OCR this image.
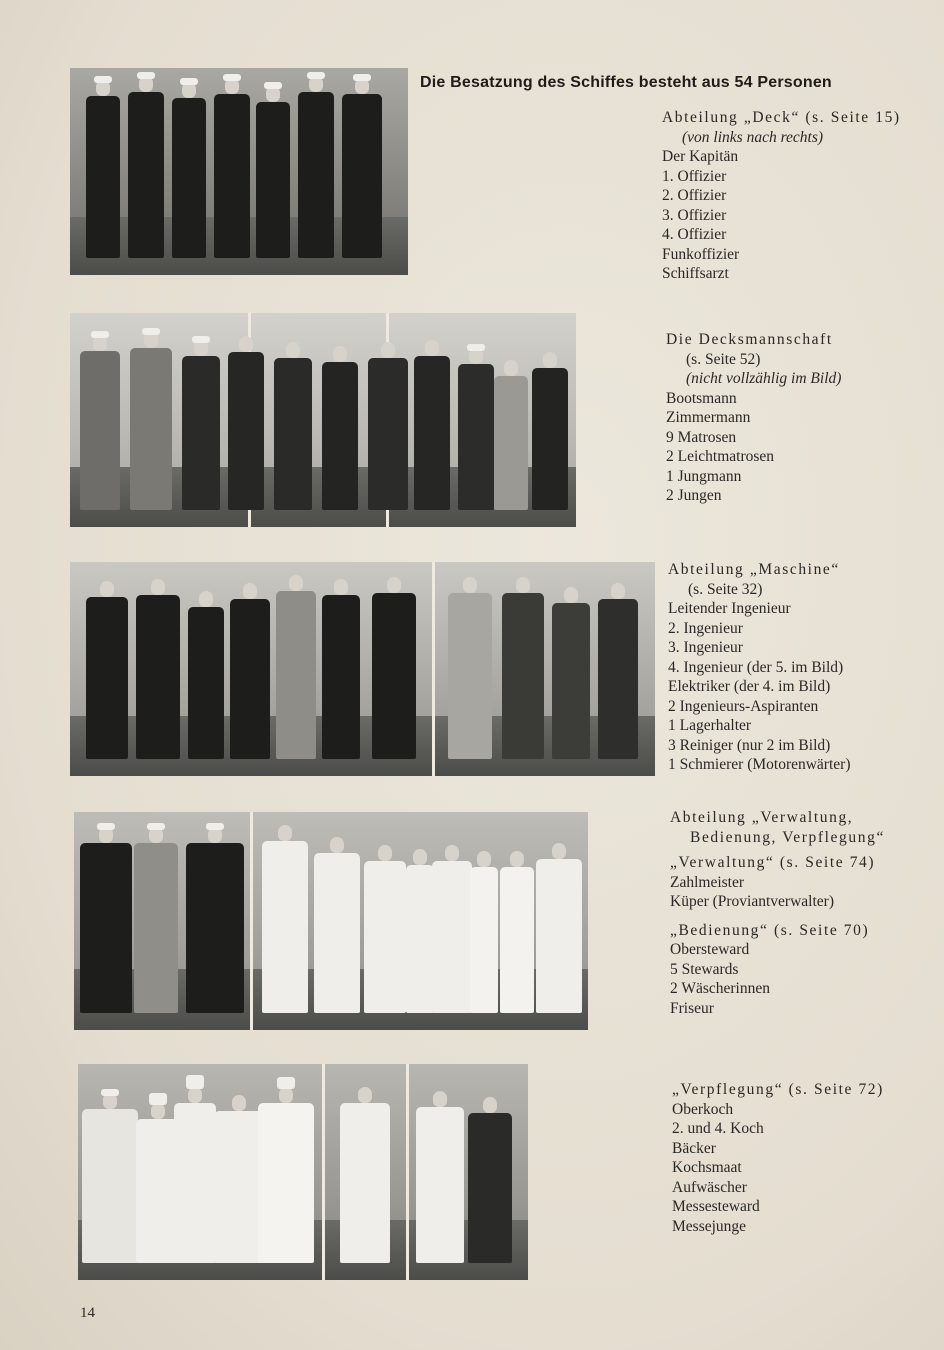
Die Besatzung des Schiffes besteht aus 54 Personen
Abteilung „Deck“ (s. Seite 15)
(von links nach rechts)
Der Kapitän
1. Offizier
2. Offizier
3. Offizier
4. Offizier
Funkoffizier
Schiffsarzt
Die Decksmannschaft
(s. Seite 52)
(nicht vollzählig im Bild)
Bootsmann
Zimmermann
9 Matrosen
2 Leichtmatrosen
1 Jungmann
2 Jungen
Abteilung „Maschine“
(s. Seite 32)
Leitender Ingenieur
2. Ingenieur
3. Ingenieur
4. Ingenieur (der 5. im Bild)
Elektriker (der 4. im Bild)
2 Ingenieurs-Aspiranten
1 Lagerhalter
3 Reiniger (nur 2 im Bild)
1 Schmierer (Motorenwärter)
Abteilung „Verwaltung,
Bedienung, Verpflegung“
„Verwaltung“ (s. Seite 74)
Zahlmeister
Küper (Proviantverwalter)
„Bedienung“ (s. Seite 70)
Obersteward
5 Stewards
2 Wäscherinnen
Friseur
„Verpflegung“ (s. Seite 72)
Oberkoch
2. und 4. Koch
Bäcker
Kochsmaat
Aufwäscher
Messesteward
Messejunge
14
